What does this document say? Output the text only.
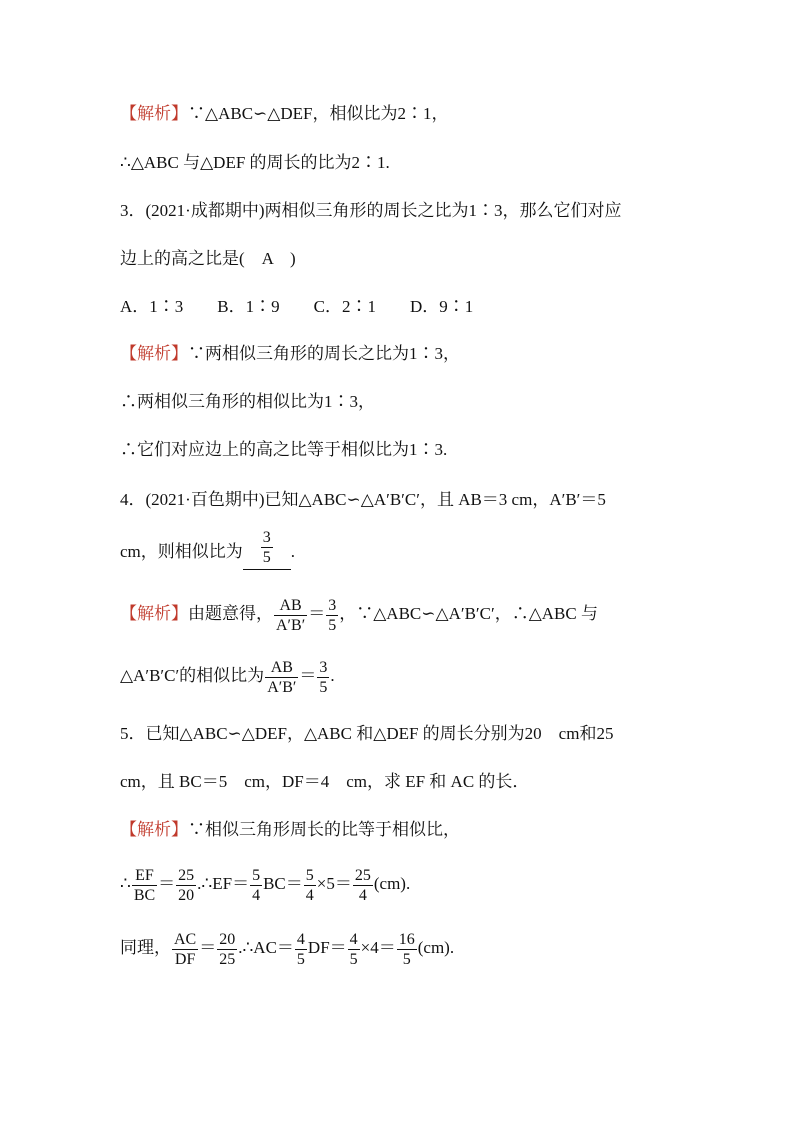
【解析】∵△ABC∽△DEF，相似比为2∶1，
∴△ABC 与△DEF 的周长的比为2∶1.
3．(2021·成都期中)两相似三角形的周长之比为1∶3，那么它们对应
边上的高之比是(　A　)
A．1∶3　　B．1∶9　　C．2∶1　　D．9∶1
【解析】∵两相似三角形的周长之比为1∶3，
∴两相似三角形的相似比为1∶3，
∴它们对应边上的高之比等于相似比为1∶3.
4．(2021·百色期中)已知△ABC∽△A′B′C′，且 AB＝3 cm，A′B′＝5
cm，则相似比为 $\frac{3}{5}$ .
【解析】由题意得， $\frac{AB}{A'B'} = \frac{3}{5}$ ，∵△ABC∽△A′B′C′，∴△ABC 与
△A′B′C′的相似比为 $\frac{AB}{A'B'} = \frac{3}{5}$ .
5．已知△ABC∽△DEF，△ABC 和△DEF 的周长分别为20　cm和25
cm，且 BC＝5　cm，DF＝4　cm，求 EF 和 AC 的长．
【解析】∵相似三角形周长的比等于相似比，
∴ $\frac{EF}{BC} = \frac{25}{20}$ .∴EF＝ $\frac{5}{4} BC= \frac{5}{4} \times 5= \frac{25}{4} (cm)$.
同理， $\frac{AC}{DF} = \frac{20}{25}$ .∴AC＝ $\frac{4}{5} DF= \frac{4}{5} \times 4= \frac{16}{5} (cm)$.
